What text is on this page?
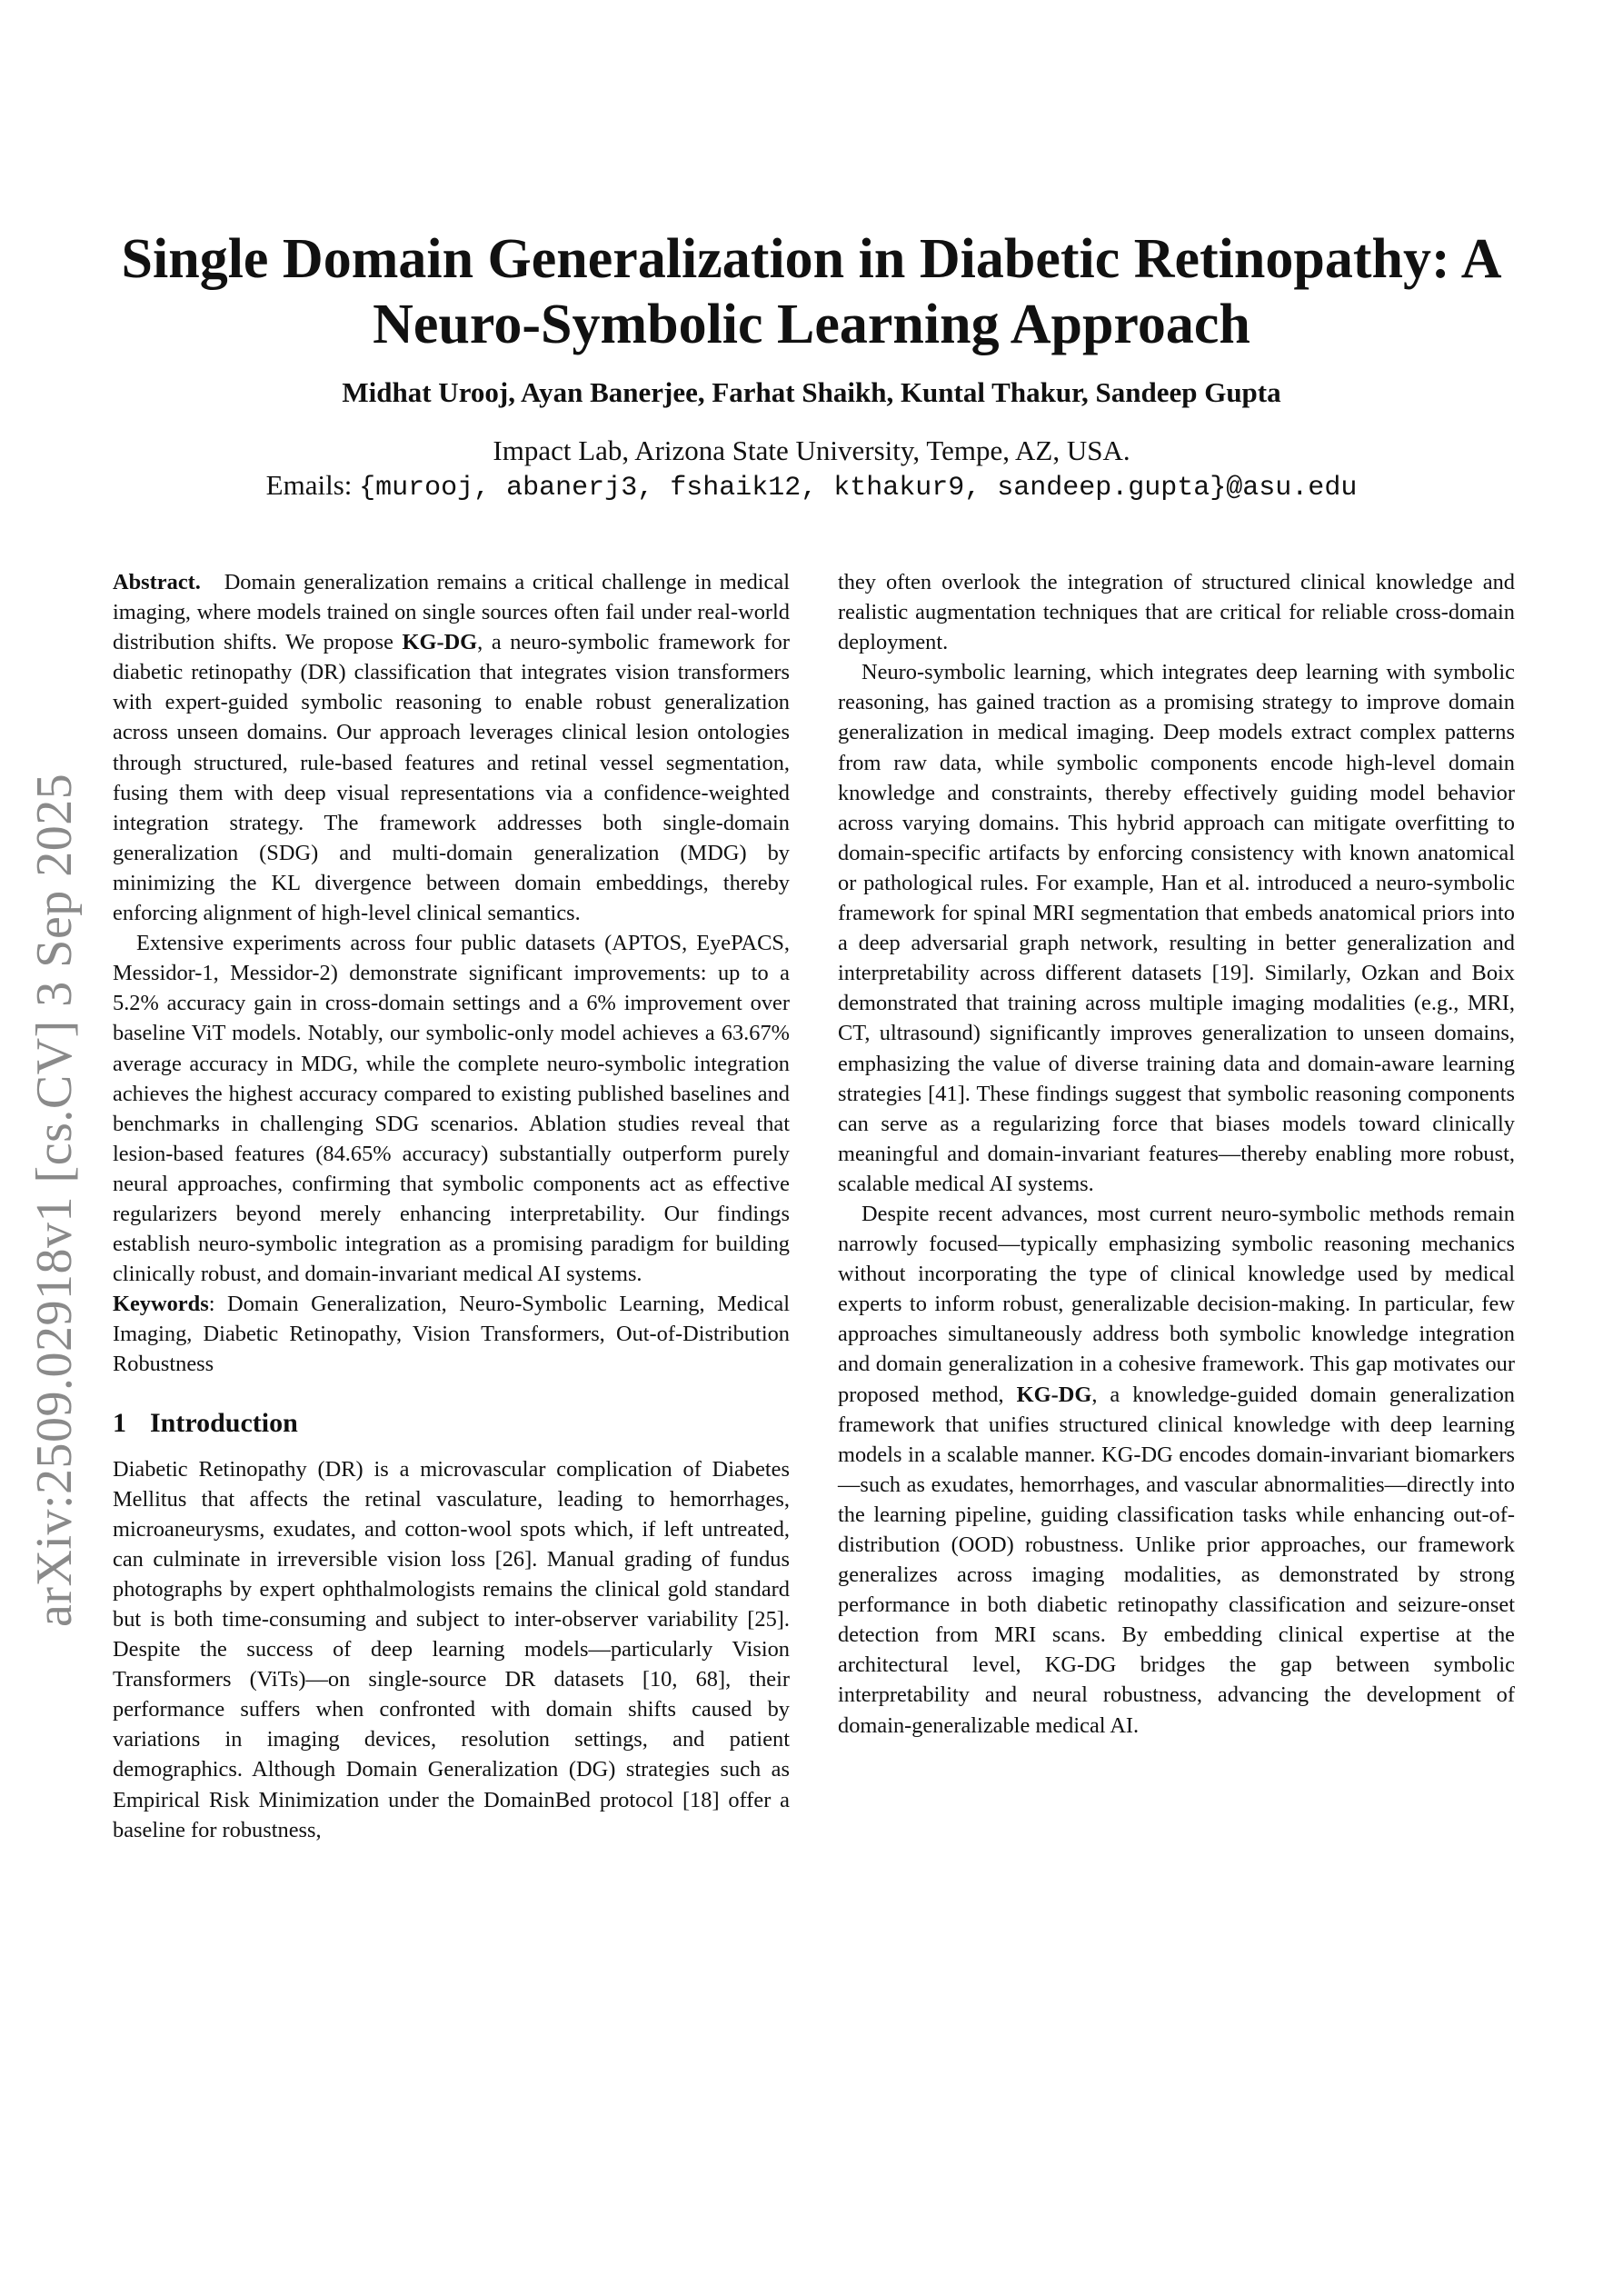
arXiv:2509.02918v1 [cs.CV] 3 Sep 2025
Single Domain Generalization in Diabetic Retinopathy: A Neuro-Symbolic Learning Approach

Midhat Urooj, Ayan Banerjee, Farhat Shaikh, Kuntal Thakur, Sandeep Gupta

Impact Lab, Arizona State University, Tempe, AZ, USA.

Emails: {murooj, abanerj3, fshaik12, kthakur9, sandeep.gupta}@asu.edu

Abstract. Domain generalization remains a critical challenge in medical imaging, where models trained on single sources often fail under real-world distribution shifts. We propose KG-DG, a neuro-symbolic framework for diabetic retinopathy (DR) classification that integrates vision transformers with expert-guided symbolic reasoning to enable robust generalization across unseen domains. Our approach leverages clinical lesion ontologies through structured, rule-based features and retinal vessel segmentation, fusing them with deep visual representations via a confidence-weighted integration strategy. The framework addresses both single-domain generalization (SDG) and multi-domain generalization (MDG) by minimizing the KL divergence between domain embeddings, thereby enforcing alignment of high-level clinical semantics.

Extensive experiments across four public datasets (APTOS, EyePACS, Messidor-1, Messidor-2) demonstrate significant improvements: up to a 5.2% accuracy gain in cross-domain settings and a 6% improvement over baseline ViT models. Notably, our symbolic-only model achieves a 63.67% average accuracy in MDG, while the complete neuro-symbolic integration achieves the highest accuracy compared to existing published baselines and benchmarks in challenging SDG scenarios. Ablation studies reveal that lesion-based features (84.65% accuracy) substantially outperform purely neural approaches, confirming that symbolic components act as effective regularizers beyond merely enhancing interpretability. Our findings establish neuro-symbolic integration as a promising paradigm for building clinically robust, and domain-invariant medical AI systems.

Keywords: Domain Generalization, Neuro-Symbolic Learning, Medical Imaging, Diabetic Retinopathy, Vision Transformers, Out-of-Distribution Robustness

1 Introduction

Diabetic Retinopathy (DR) is a microvascular complication of Diabetes Mellitus that affects the retinal vasculature, leading to hemorrhages, microaneurysms, exudates, and cotton-wool spots which, if left untreated, can culminate in irreversible vision loss [26]. Manual grading of fundus photographs by expert ophthalmologists remains the clinical gold standard but is both time-consuming and subject to inter-observer variability [25]. Despite the success of deep learning models—particularly Vision Transformers (ViTs)—on single-source DR datasets [10, 68], their performance suffers when confronted with domain shifts caused by variations in imaging devices, resolution settings, and patient demographics. Although Domain Generalization (DG) strategies such as Empirical Risk Minimization under the DomainBed protocol [18] offer a baseline for robustness,

they often overlook the integration of structured clinical knowledge and realistic augmentation techniques that are critical for reliable cross-domain deployment.

Neuro-symbolic learning, which integrates deep learning with symbolic reasoning, has gained traction as a promising strategy to improve domain generalization in medical imaging. Deep models extract complex patterns from raw data, while symbolic components encode high-level domain knowledge and constraints, thereby effectively guiding model behavior across varying domains. This hybrid approach can mitigate overfitting to domain-specific artifacts by enforcing consistency with known anatomical or pathological rules. For example, Han et al. introduced a neuro-symbolic framework for spinal MRI segmentation that embeds anatomical priors into a deep adversarial graph network, resulting in better generalization and interpretability across different datasets [19]. Similarly, Ozkan and Boix demonstrated that training across multiple imaging modalities (e.g., MRI, CT, ultrasound) significantly improves generalization to unseen domains, emphasizing the value of diverse training data and domain-aware learning strategies [41]. These findings suggest that symbolic reasoning components can serve as a regularizing force that biases models toward clinically meaningful and domain-invariant features—thereby enabling more robust, scalable medical AI systems.

Despite recent advances, most current neuro-symbolic methods remain narrowly focused—typically emphasizing symbolic reasoning mechanics without incorporating the type of clinical knowledge used by medical experts to inform robust, generalizable decision-making. In particular, few approaches simultaneously address both symbolic knowledge integration and domain generalization in a cohesive framework. This gap motivates our proposed method, KG-DG, a knowledge-guided domain generalization framework that unifies structured clinical knowledge with deep learning models in a scalable manner. KG-DG encodes domain-invariant biomarkers—such as exudates, hemorrhages, and vascular abnormalities—directly into the learning pipeline, guiding classification tasks while enhancing out-of-distribution (OOD) robustness. Unlike prior approaches, our framework generalizes across imaging modalities, as demonstrated by strong performance in both diabetic retinopathy classification and seizure-onset detection from MRI scans. By embedding clinical expertise at the architectural level, KG-DG bridges the gap between symbolic interpretability and neural robustness, advancing the development of domain-generalizable medical AI.
